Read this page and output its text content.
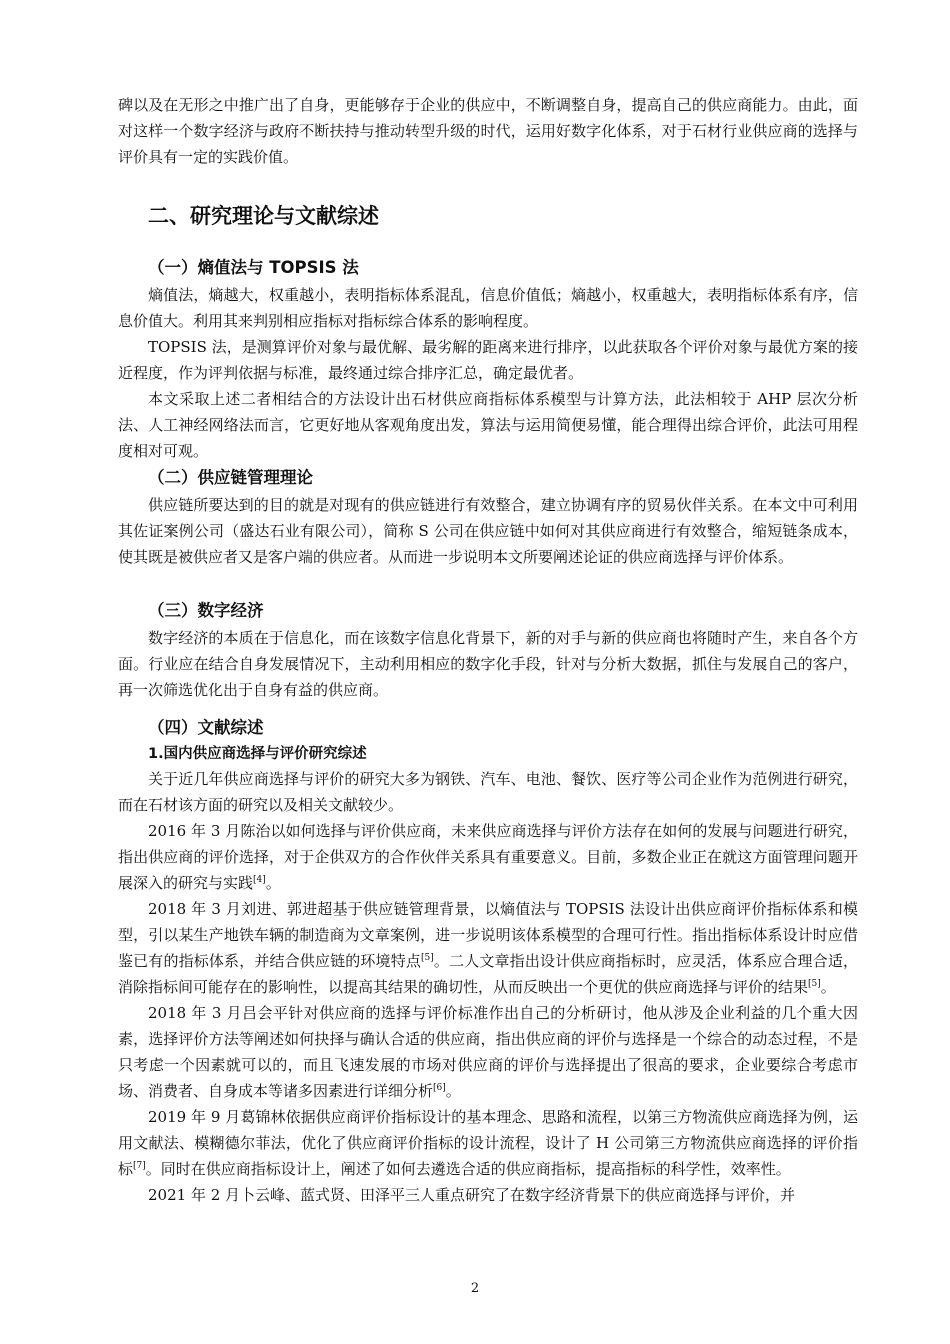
碑以及在无形之中推广出了自身，更能够存于企业的供应中，不断调整自身，提高自己的供应商能力。由此，面对这样一个数字经济与政府不断扶持与推动转型升级的时代，运用好数字化体系，对于石材行业供应商的选择与评价具有一定的实践价值。

二、研究理论与文献综述
（一）熵值法与 TOPSIS 法

熵值法，熵越大，权重越小，表明指标体系混乱，信息价值低；熵越小，权重越大，表明指标体系有序，信息价值大。利用其来判别相应指标对指标综合体系的影响程度。

TOPSIS 法，是测算评价对象与最优解、最劣解的距离来进行排序，以此获取各个评价对象与最优方案的接近程度，作为评判依据与标准，最终通过综合排序汇总，确定最优者。

本文采取上述二者相结合的方法设计出石材供应商指标体系模型与计算方法，此法相较于 AHP 层次分析法、人工神经网络法而言，它更好地从客观角度出发，算法与运用简便易懂，能合理得出综合评价，此法可用程度相对可观。

（二）供应链管理理论

供应链所要达到的目的就是对现有的供应链进行有效整合，建立协调有序的贸易伙伴关系。在本文中可利用其佐证案例公司（盛达石业有限公司），简称 S 公司在供应链中如何对其供应商进行有效整合，缩短链条成本，使其既是被供应者又是客户端的供应者。从而进一步说明本文所要阐述论证的供应商选择与评价体系。

（三）数字经济

数字经济的本质在于信息化，而在该数字信息化背景下，新的对手与新的供应商也将随时产生，来自各个方面。行业应在结合自身发展情况下，主动利用相应的数字化手段，针对与分析大数据，抓住与发展自己的客户，再一次筛选优化出于自身有益的供应商。

（四）文献综述
1.国内供应商选择与评价研究综述

关于近几年供应商选择与评价的研究大多为钢铁、汽车、电池、餐饮、医疗等公司企业作为范例进行研究，而在石材该方面的研究以及相关文献较少。

2016 年 3 月陈治以如何选择与评价供应商，未来供应商选择与评价方法存在如何的发展与问题进行研究，指出供应商的评价选择，对于企供双方的合作伙伴关系具有重要意义。目前，多数企业正在就这方面管理问题开展深入的研究与实践[4]。

2018 年 3 月刘进、郭进超基于供应链管理背景，以熵值法与 TOPSIS 法设计出供应商评价指标体系和模型，引以某生产地铁车辆的制造商为文章案例，进一步说明该体系模型的合理可行性。指出指标体系设计时应借鉴已有的指标体系，并结合供应链的环境特点[5]。二人文章指出设计供应商指标时，应灵活，体系应合理合适，消除指标间可能存在的影响性，以提高其结果的确切性，从而反映出一个更优的供应商选择与评价的结果[5]。

2018 年 3 月吕会平针对供应商的选择与评价标准作出自己的分析研讨，他从涉及企业利益的几个重大因素，选择评价方法等阐述如何抉择与确认合适的供应商，指出供应商的评价与选择是一个综合的动态过程，不是只考虑一个因素就可以的，而且飞速发展的市场对供应商的评价与选择提出了很高的要求，企业要综合考虑市场、消费者、自身成本等诸多因素进行详细分析[6]。

2019 年 9 月葛锦林依据供应商评价指标设计的基本理念、思路和流程，以第三方物流供应商选择为例，运用文献法、模糊德尔菲法，优化了供应商评价指标的设计流程，设计了 H 公司第三方物流供应商选择的评价指标[7]。同时在供应商指标设计上，阐述了如何去遴选合适的供应商指标，提高指标的科学性，效率性。

2021 年 2 月卜云峰、蓝式贤、田泽平三人重点研究了在数字经济背景下的供应商选择与评价，并

2
